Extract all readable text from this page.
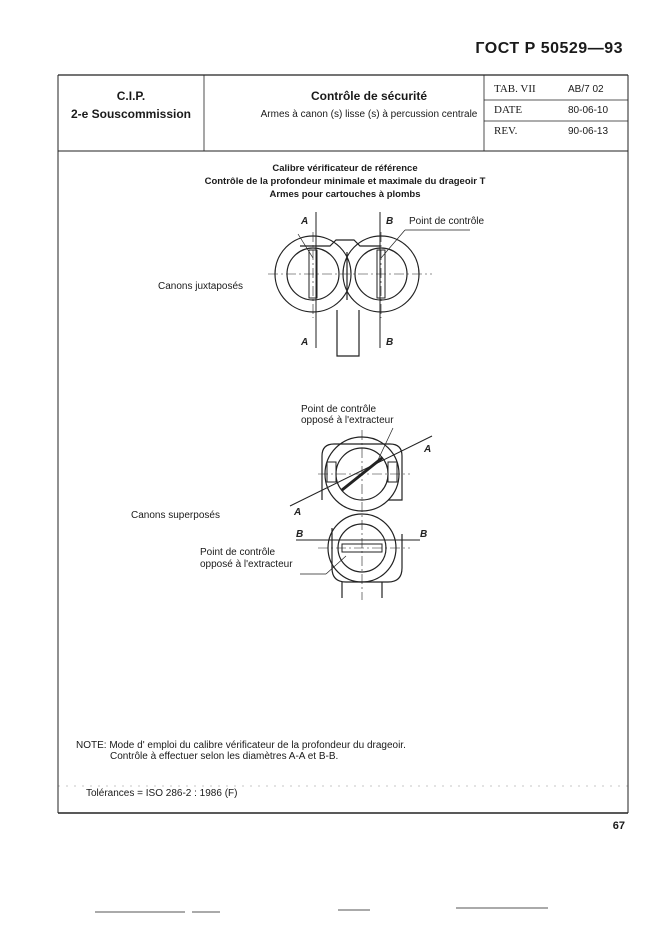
ГОСТ Р 50529—93
C.I.P.
2-e Souscommission
Contrôle de sécurité
Armes à canon (s) lisse (s) à percussion centrale
TAB. VII	AB/7 02
DATE	80-06-10
REV.	90-06-13
Calibre vérificateur de référence
Contrôle de la profondeur minimale et maximale du drageoir T
Armes pour cartouches à plombs
A	B
A	B
Point de contrôle
Canons juxtaposés
A
A
B	B
Point de contrôle
opposé à l'extracteur
Canons superposés
Point de contrôle
opposé à l'extracteur
NOTE: Mode d' emploi du calibre vérificateur de la profondeur du drageoir.
Contrôle à effectuer selon les diamètres A-A et B-B.
Tolérances = ISO 286-2 : 1986 (F)
67
